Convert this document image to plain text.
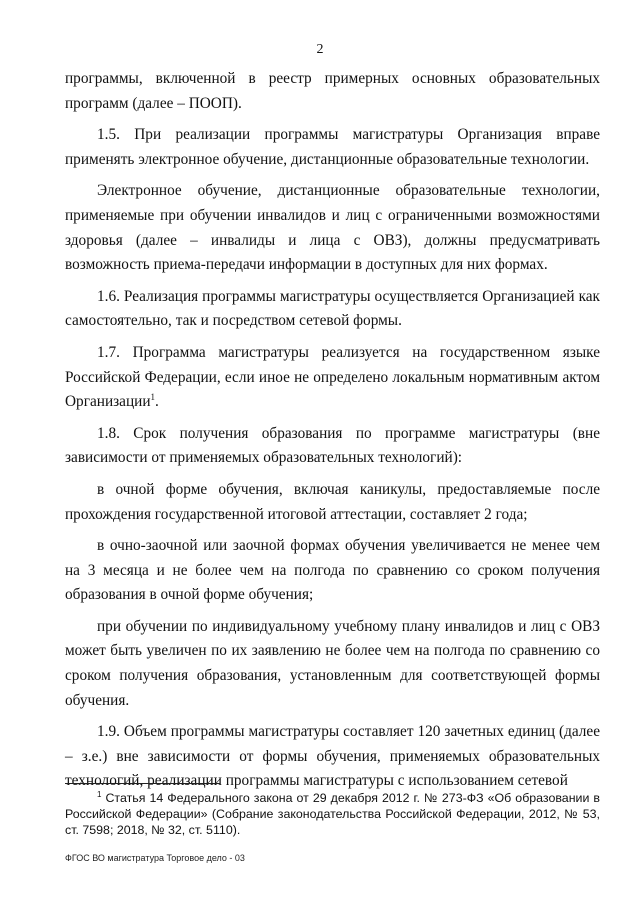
2

программы, включенной в реестр примерных основных образовательных программ (далее – ПООП).

1.5. При реализации программы магистратуры Организация вправе применять электронное обучение, дистанционные образовательные технологии.

Электронное обучение, дистанционные образовательные технологии, применяемые при обучении инвалидов и лиц с ограниченными возможностями здоровья (далее – инвалиды и лица с ОВЗ), должны предусматривать возможность приема-передачи информации в доступных для них формах.

1.6. Реализация программы магистратуры осуществляется Организацией как самостоятельно, так и посредством сетевой формы.

1.7. Программа магистратуры реализуется на государственном языке Российской Федерации, если иное не определено локальным нормативным актом Организации$^1$.

1.8. Срок получения образования по программе магистратуры (вне зависимости от применяемых образовательных технологий):

в очной форме обучения, включая каникулы, предоставляемые после прохождения государственной итоговой аттестации, составляет 2 года;

в очно-заочной или заочной формах обучения увеличивается не менее чем на 3 месяца и не более чем на полгода по сравнению со сроком получения образования в очной форме обучения;

при обучении по индивидуальному учебному плану инвалидов и лиц с ОВЗ может быть увеличен по их заявлению не более чем на полгода по сравнению со сроком получения образования, установленным для соответствующей формы обучения.

1.9. Объем программы магистратуры составляет 120 зачетных единиц (далее – з.е.) вне зависимости от формы обучения, применяемых образовательных технологий, реализации программы магистратуры с использованием сетевой

$^1$ Статья 14 Федерального закона от 29 декабря 2012 г. № 273-ФЗ «Об образовании в Российской Федерации» (Собрание законодательства Российской Федерации, 2012, № 53, ст. 7598; 2018, № 32, ст. 5110).

ФГОС ВО магистратура Торговое дело - 03
